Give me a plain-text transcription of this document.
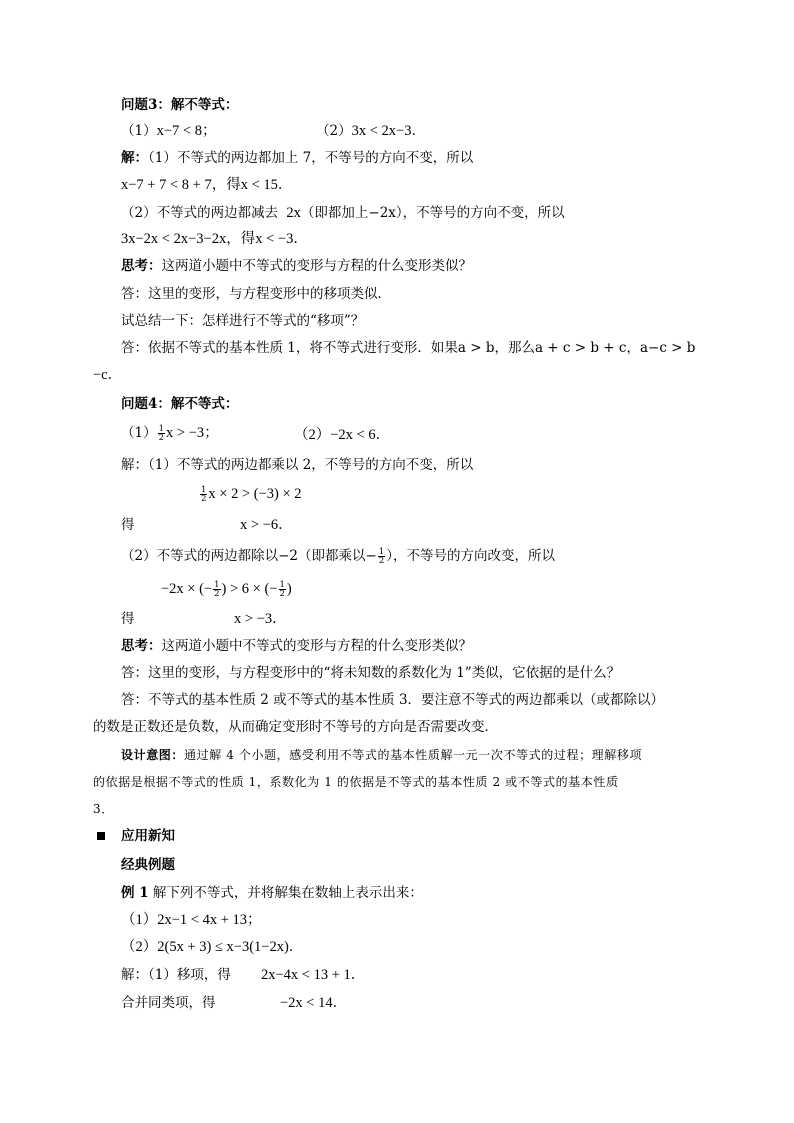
问题3：解不等式：
（1）x−7 < 8；	（2）3x < 2x−3．
解：（1）不等式的两边都加上 7，不等号的方向不变，所以
x−7 + 7 < 8 + 7，得x < 15．
（2）不等式的两边都减去 2x（即都加上−2x），不等号的方向不变，所以
3x−2x < 2x−3−2x，得x < −3．
思考：这两道小题中不等式的变形与方程的什么变形类似？
答：这里的变形，与方程变形中的移项类似．
试总结一下：怎样进行不等式的“移项”？
答：依据不等式的基本性质 1，将不等式进行变形．如果a > b，那么a + c > b + c，a−c > b
−c．
问题4：解不等式：
$(1) \frac{1}{2}$ x > −3；	（2）−2x < 6．
解：（1）不等式的两边都乘以 2，不等号的方向不变，所以
$\frac{1}{2}$ x × 2 > (−3) × 2
得	x > −6．
（2）不等式的两边都除以−2（即都乘以− $\frac{1}{2}$ ），不等号的方向改变，所以
−2x × (− $\frac{1}{2}$ ) > 6 × (− $\frac{1}{2}$ )
得	x > −3．
思考：这两道小题中不等式的变形与方程的什么变形类似？
答：这里的变形，与方程变形中的“将未知数的系数化为 1”类似，它依据的是什么？
答：不等式的基本性质 2 或不等式的基本性质 3．要注意不等式的两边都乘以（或都除以）
的数是正数还是负数，从而确定变形时不等号的方向是否需要改变．
设计意图：通过解 4 个小题，感受利用不等式的基本性质解一元一次不等式的过程；理解移项
的依据是根据不等式的性质 1，系数化为 1 的依据是不等式的基本性质 2 或不等式的基本性质
3．
应用新知
经典例题
例 1 解下列不等式，并将解集在数轴上表示出来：
（1）2x−1 < 4x + 13；
（2）2(5x + 3) ≤ x−3(1−2x)．
解：（1）移项，得 2x−4x < 13 + 1．
合并同类项，得	−2x < 14．
